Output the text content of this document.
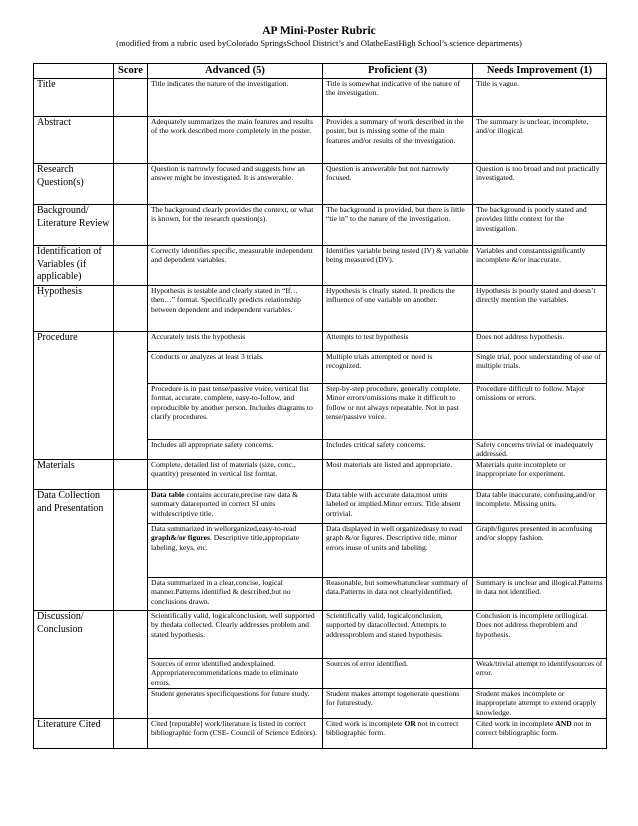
AP Mini-Poster Rubric
(modified from a rubric used byColorado SpringsSchool District’s and OlatheEastHigh School’s science departments)
	Score	Advanced (5)	Proficient (3)	Needs Improvement (1)
Title		Title indicates the nature of the investigation.	Title is somewhat indicative of the nature of the investigation.	Title is vague.
Abstract		Adequately summarizes the main features and results of the work described more completely in the poster.	Provides a summary of work described in the poster, but is missing some of the main features and/or results of the investigation.	The summary is unclear, incomplete, and/or illogical.
Research Question(s)		Question is narrowly focused and suggests how an answer might be investigated. It is answerable.	Question is answerable but not narrowly focused.	Question is too broad and not practically investigated.
Background/ Literature Review		The background clearly provides the context, or what is known, for the research question(s).	The background is provided, but there is little “tie in” to the nature of the investigation.	The background is poorly stated and provides little context for the investigation.
Identification of Variables (if applicable)		Correctly identifies specific, measurable independent and dependent variables.	Identifies variable being tested (IV) & variable being measured (DV).	Variables and constantssignificantly incomplete &/or inaccurate.
Hypothesis		Hypothesis is testable and clearly stated in “If… then…” format. Specifically predicts relationship between dependent and independent variables.	Hypothesis is clearly stated. It predicts the influence of one variable on another.	Hypothesis is poorly stated and doesn’t directly mention the variables.
Procedure		Accurately tests the hypothesis	Attempts to test hypothesis	Does not address hypothesis.
		Conducts or analyzes at least 3 trials.	Multiple trials attempted or need is recognized.	Single trial, poor understanding of use of multiple trials.
		Procedure is in past tense/passive voice, vertical list format, accurate, complete, easy-to-follow, and reproducible by another person. Includes diagrams to clarify procedures.	Step-by-step procedure, generally complete. Minor errors/omissions make it difficult to follow or not always repeatable. Not in past tense/passive voice.	Procedure difficult to follow. Major omissions or errors.
		Includes all appropriate safety concerns.	Includes critical safety concerns.	Safety concerns trivial or inadequately addressed.
Materials		Complete, detailed list of materials (size, conc., quantity) presented in vertical list format.	Most materials are listed and appropriate.	Materials quite incomplete or inappropriate for experiment.
Data Collection and Presentation		Data table contains accurate,precise raw data & summary datareported in correct SI units withdescriptive title.	Data table with accurate data,most units labeled or implied.Minor errors. Title absent ortrivial.	Data table inaccurate, confusing,and/or incomplete. Missing units.
		Data summarized in wellorganized,easy-to-read graph&/or figures. Descriptive title,appropriate labeling, keys, etc.	Data displayed in well organizedeasy to read graph &/or figures. Descriptive title, minor errors inuse of units and labeling.	Graph/figures presented in aconfusing and/or sloppy fashion.
		Data summarized in a clear,concise, logical manner.Patterns identified & described,but no conclusions drawn.	Reasonable, but somewhatunclear summary of data.Patterns in data not clearlyidentified.	Summary is unclear and illogical.Patterns in data not identified.
Discussion/ Conclusion		Scientifically valid, logicalconclusion, well supported by thedata collected. Clearly addresses problem and stated hypothesis.	Scientifically valid, logicalconclusion, supported by datacollected. Attempts to addressproblem and stated hypothesis.	Conclusion is incomplete orillogical. Does not address theproblem and hypothesis.
		Sources of error identified andexplained. Appropriaterecommendations made to eliminate errors.	Sources of error identified.	Weak/trivial attempt to identifysources of error.
		Student generates specificquestions for future study.	Student makes attempt togenerate questions for futurestudy.	Student makes incomplete or inappropriate attempt to extend orapply knowledge.
Literature Cited		Cited [reputable] work/literature is listed in correct bibliographic form (CSE- Council of Science Editors).	Cited work is incomplete OR not in correct bibliographic form.	Cited work in incomplete AND not in correct bibliographic form.
